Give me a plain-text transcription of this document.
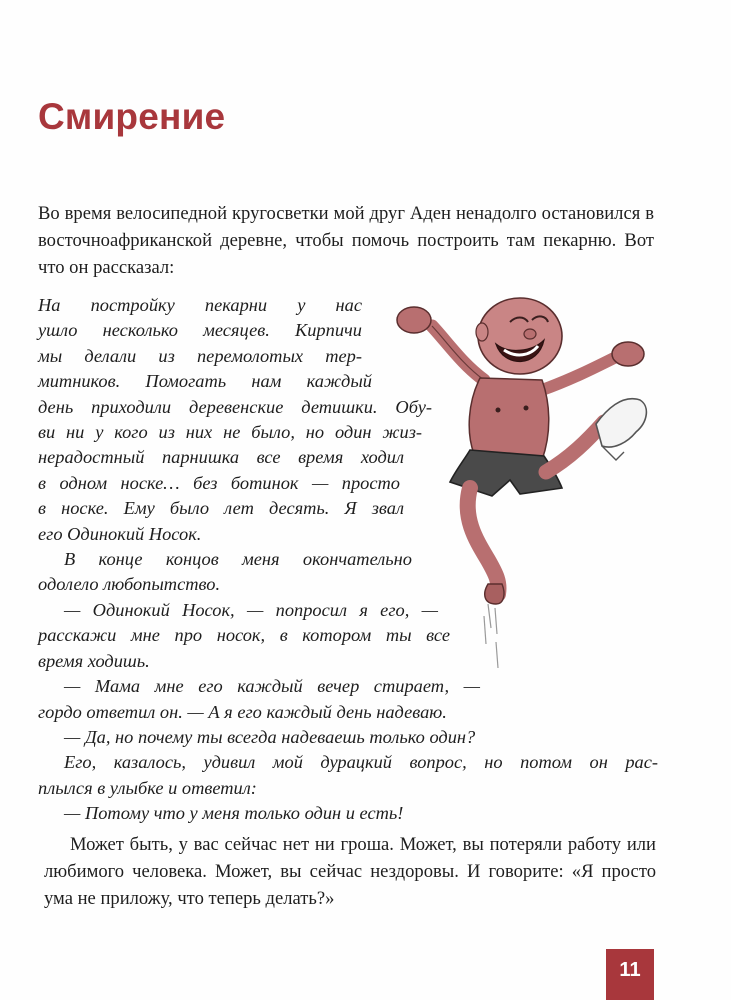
Смирение

Во время велосипедной кругосветки мой друг Аден ненадолго остановился в восточноафриканской деревне, чтобы помочь построить там пекарню. Вот что он рассказал:

На постройку пекарни у нас
ушло несколько месяцев. Кирпичи
мы делали из перемолотых тер-
митников. Помогать нам каждый
день приходили деревенские детишки. Обу-
ви ни у кого из них не было, но один жиз-
нерадостный парнишка все время ходил
в одном носке… без ботинок — просто
в носке. Ему было лет десять. Я звал
его Одинокий Носок.
В конце концов меня окончательно
одолело любопытство.
— Одинокий Носок, — попросил я его, —
расскажи мне про носок, в котором ты все
время ходишь.
— Мама мне его каждый вечер стирает, —
гордо ответил он. — А я его каждый день надеваю.
— Да, но почему ты всегда надеваешь только один?
Его, казалось, удивил мой дурацкий вопрос, но потом он рас-
плылся в улыбке и ответил:
— Потому что у меня только один и есть!

Может быть, у вас сейчас нет ни гроша. Может, вы потеряли работу или любимого человека. Может, вы сейчас нездоровы. И говорите: «Я просто ума не приложу, что теперь делать?»

11
